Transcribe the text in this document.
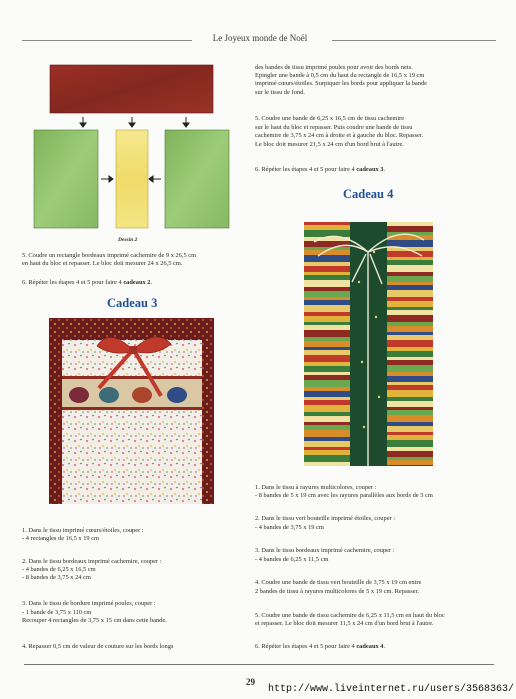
Le Joyeux monde de Noël
Dessin 2
5. Coudre un rectangle bordeaux imprimé cachemire de 9 x 26,5 cm
en haut du bloc et repasser. Le bloc doit mesurer 24 x 26,5 cm.
6. Répéter les étapes 4 et 5 pour faire 4 cadeaux 2.
Cadeau 3
1. Dans le tissu imprimé cœurs/étoiles, couper :
- 4 rectangles de 16,5 x 19 cm
2. Dans le tissu bordeaux imprimé cachemire, couper :
- 4 bandes de 6,25 x 16,5 cm
- 8 bandes de 3,75 x 24 cm
3. Dans le tissu de bordure imprimé poules, couper :
- 1 bande de 3,75 x 110 cm
Recouper 4 rectangles de 3,75 x 15 cm dans cette bande.
4. Repasser 0,5 cm de valeur de couture sur les bords longs
des bandes de tissu imprimé poules pour avoir des bords nets.
Epingler une bande à 0,5 cm du haut du rectangle de 16,5 x 19 cm
imprimé cœurs/étoiles. Surpiquer les bords pour appliquer la bande
sur le tissu de fond.
5. Coudre une bande de 6,25 x 16,5 cm de tissu cachemire
sur le haut du bloc et repasser. Puis coudre une bande de tissu
cachemire de 3,75 x 24 cm à droite et à gauche du bloc. Repasser.
Le bloc doit mesurer 21,5 x 24 cm d'un bord brut à l'autre.
6. Répéter les étapes 4 et 5 pour faire 4 cadeaux 3.
Cadeau 4
1. Dans le tissu à rayures multicolores, couper :
- 8 bandes de 5 x 19 cm avec les rayures parallèles aux bords de 5 cm
2. Dans le tissu vert bouteille imprimé étoiles, couper :
- 4 bandes de 3,75 x 19 cm
3. Dans le tissu bordeaux imprimé cachemire, couper :
- 4 bandes de 6,25 x 11,5 cm
4. Coudre une bande de tissu vert bouteille de 3,75 x 19 cm entre
2 bandes de tissu à rayures multicolores de 5 x 19 cm. Repasser.
5. Coudre une bande de tissu cachemire de 6,25 x 11,5 cm en haut du bloc
et repasser. Le bloc doit mesurer 11,5 x 24 cm d'un bord brut à l'autre.
6. Répéter les étapes 4 et 5 pour faire 4 cadeaux 4.
29
http://www.liveinternet.ru/users/3568363/
